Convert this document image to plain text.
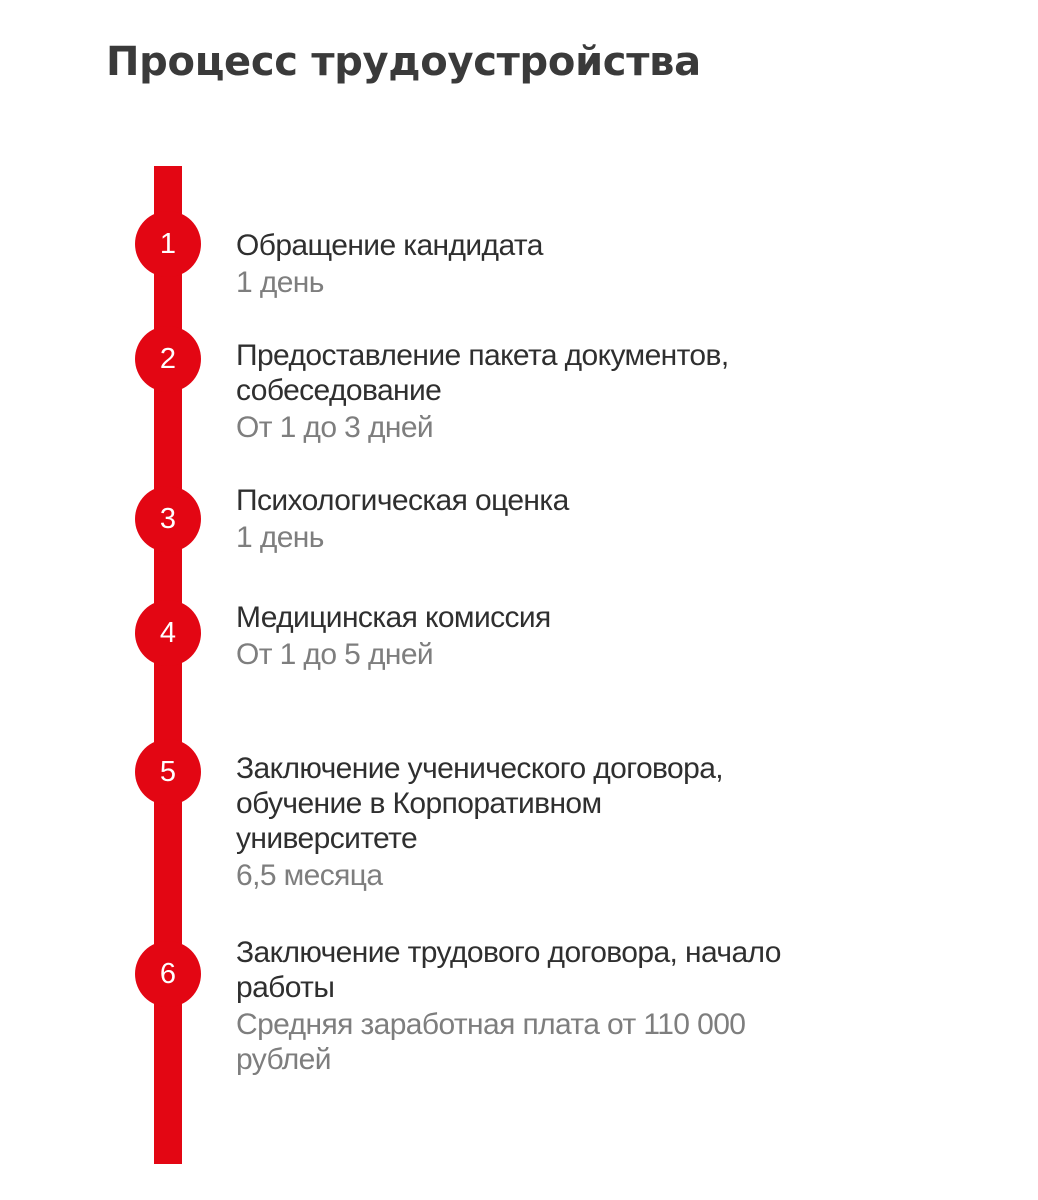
Процесс трудоустройства
1	Обращение кандидата
1 день
2	Предоставление пакета документов,
собеседование
От 1 до 3 дней
3
Психологическая оценка
1 день
4	Медицинская комиссия
От 1 до 5 дней
5	Заключение ученического договора,
обучение в Корпоративном
университете
6,5 месяца
6
Заключение трудового договора, начало
работы
Средняя заработная плата от 110 000
рублей
